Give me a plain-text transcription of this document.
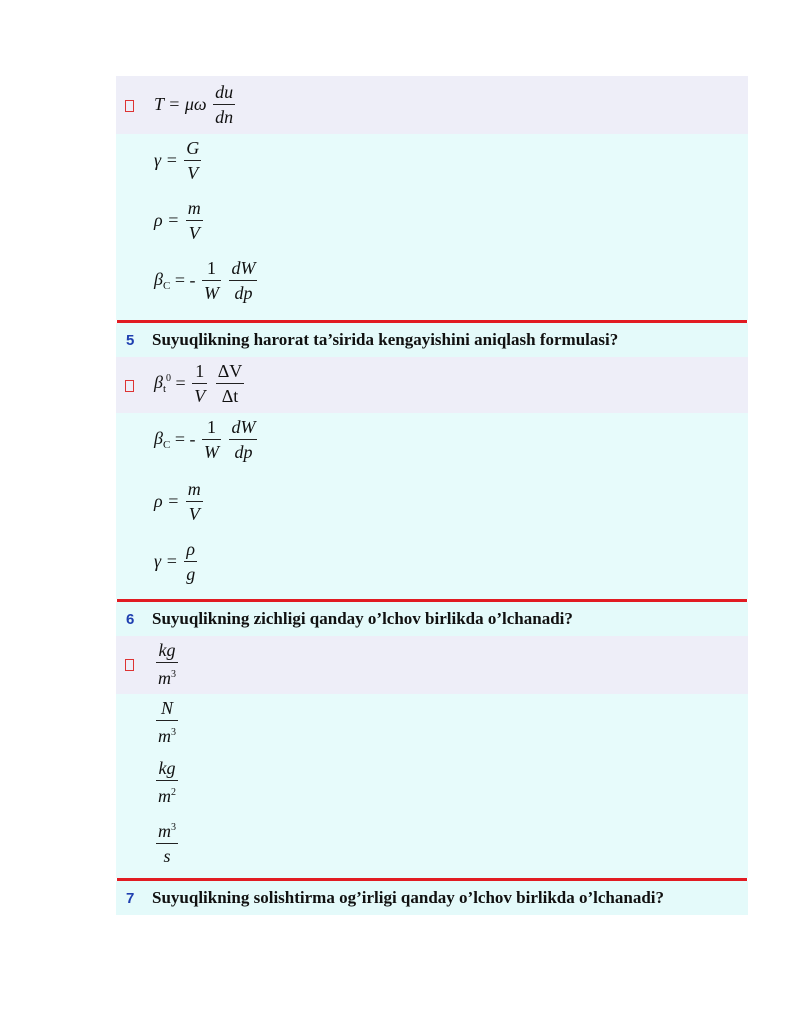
T = μω $\frac{du}{dn}$
$\gamma = \frac{G}{V}$
$\rho = \frac{m}{V}$
$\beta_C$ = - $\frac{1}{W}$
$\frac{dW}{dp}$
5 Suyuqlikning harorat ta’sirida kengayishini aniqlash formulasi?
$\beta_t^0 = \frac{1}{V}$
$\frac{\Delta V}{\Delta t}$
$\beta_C$ = - $\frac{1}{W}$
$\frac{dW}{dp}$
$\rho = \frac{m}{V}$
$\gamma = \frac{\rho}{g}$
6 Suyuqlikning zichligi qanday o’lchov birlikda o’lchanadi?
$\frac{kg}{m^3}$
$\frac{N}{m^3}$
$\frac{kg}{m^2}$
$\frac{m^3}{s}$
7 Suyuqlikning solishtirma og’irligi qanday o’lchov birlikda o’lchanadi?
